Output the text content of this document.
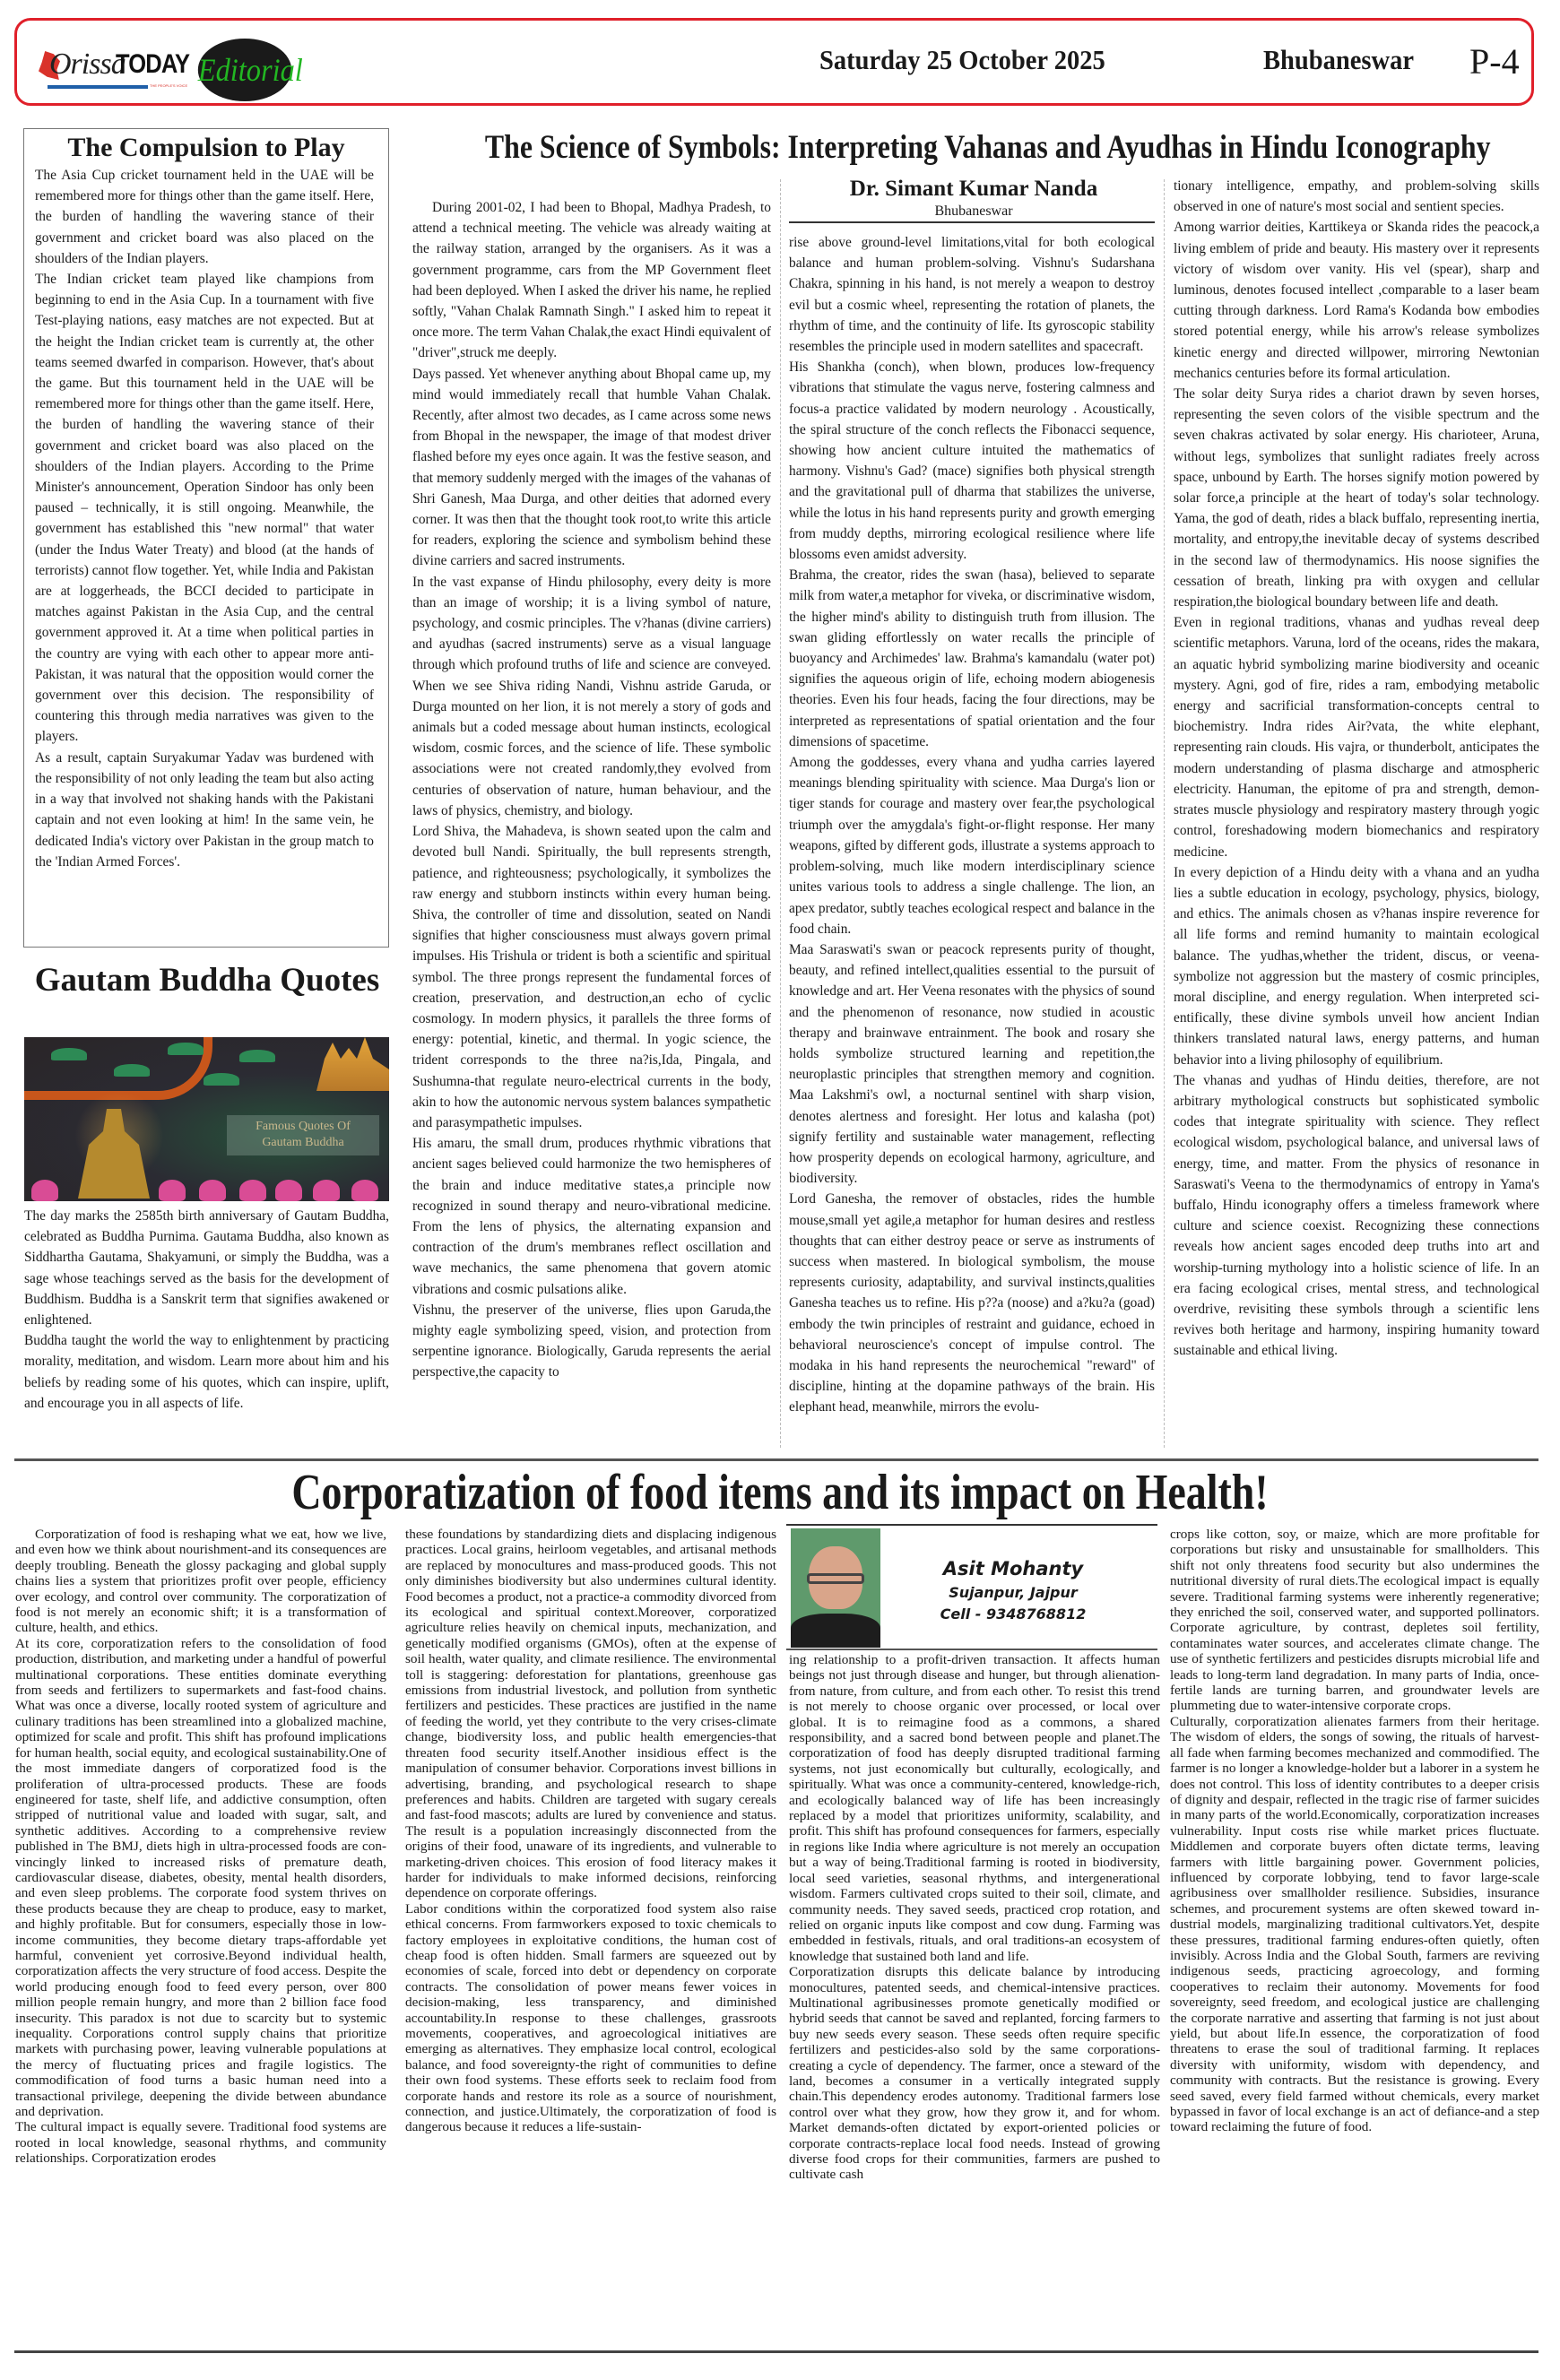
Orissa
TODAY
THE PEOPLE'S VOICE Editorial	Saturday 25 October 2025	Bhubaneswar P-4
The Compulsion to Play

The Asia Cup cricket tournament held in the UAE will be remembered more for things other than the game itself. Here, the burden of handling the wavering stance of their government and cricket board was also placed on the shoulders of the Indian players.

The Indian cricket team played like champions from beginning to end in the Asia Cup. In a tournament with five Test-playing nations, easy matches are not expected. But at the height the Indian cricket team is currently at, the other teams seemed dwarfed in comparison. However, that's about the game. But this tournament held in the UAE will be remembered more for things other than the game itself. Here, the burden of handling the wavering stance of their government and cricket board was also placed on the shoulders of the Indian players. According to the Prime Minister's announcement, Operation Sindoor has only been paused – technically, it is still ongoing. Meanwhile, the government has established this "new normal" that water (under the Indus Water Treaty) and blood (at the hands of terrorists) cannot flow together. Yet, while India and Pakistan are at loggerheads, the BCCI decided to participate in matches against Pakistan in the Asia Cup, and the central government approved it. At a time when political parties in the country are vying with each other to appear more anti-Pakistan, it was natural that the opposition would corner the government over this decision. The responsibility of countering this through media narratives was given to the players.

As a result, captain Suryakumar Yadav was burdened with the responsibility of not only leading the team but also acting in a way that involved not shaking hands with the Pakistani captain and not even looking at him! In the same vein, he dedicated India's victory over Pakistan in the group match to the 'Indian Armed Forces'.

Gautam Buddha Quotes
Famous Quotes Of
Gautam Buddha

The day marks the 2585th birth anniversary of Gautam Buddha, celebrated as Buddha Purnima. Gautama Buddha, also known as Siddhartha Gautama, Shakyamuni, or simply the Buddha, was a sage whose teachings served as the basis for the development of Buddhism. Buddha is a Sanskrit term that signifies awakened or enlightened.

Buddha taught the world the way to enlightenment by practicing morality, meditation, and wisdom. Learn more about him and his beliefs by reading some of his quotes, which can inspire, uplift, and encourage you in all aspects of life.

The Science of Symbols: Interpreting Vahanas and Ayudhas in Hindu Iconography

During 2001-02, I had been to Bhopal, Madhya Pradesh, to attend a technical meeting. The vehicle was already waiting at the railway station, arranged by the organisers. As it was a government programme, cars from the MP Government fleet had been deployed. When I asked the driver his name, he replied softly, "Vahan Chalak Ramnath Singh." I asked him to repeat it once more. The term Vahan Chalak,the exact Hindi equivalent of "driver",struck me deeply.

Days passed. Yet whenever anything about Bhopal came up, my mind would immediately recall that humble Vahan Chalak. Recently, after almost two decades, as I came across some news from Bhopal in the newspaper, the image of that modest driver flashed before my eyes once again. It was the festive season, and that memory suddenly merged with the images of the vahanas of Shri Ganesh, Maa Durga, and other deities that adorned every corner. It was then that the thought took root,to write this article for readers, exploring the science and symbolism behind these divine carriers and sacred instruments.

In the vast expanse of Hindu philosophy, every deity is more than an image of worship; it is a living symbol of nature, psychology, and cosmic principles. The v?hanas (divine carriers) and ayudhas (sacred instruments) serve as a visual language through which profound truths of life and science are conveyed. When we see Shiva riding Nandi, Vishnu astride Garuda, or Durga mounted on her lion, it is not merely a story of gods and animals but a coded message about human instincts, ecological wisdom, cosmic forces, and the science of life. These symbolic associations were not created randomly,they evolved from centuries of observation of nature, human behaviour, and the laws of physics, chemistry, and biology.

Lord Shiva, the Mahadeva, is shown seated upon the calm and devoted bull Nandi. Spiritually, the bull represents strength, patience, and righteousness; psychologically, it symbolizes the raw energy and stubborn instincts within every human being. Shiva, the controller of time and dissolution, seated on Nandi signifies that higher consciousness must always govern primal impulses. His Trishula or trident is both a scientific and spiritual symbol. The three prongs represent the fundamental forces of creation, preservation, and destruction,an echo of cyclic cosmology. In modern physics, it parallels the three forms of energy: potential, kinetic, and thermal. In yogic science, the trident corresponds to the three na?is,Ida, Pingala, and Sushumna-that regulate neuro-electrical currents in the body, akin to how the autonomic nervous system balances sympathetic and parasympathetic impulses.

His amaru, the small drum, produces rhythmic vibrations that ancient sages believed could harmonize the two hemispheres of the brain and induce meditative states,a principle now recognized in sound therapy and neuro-vibrational medicine. From the lens of physics, the alternating expansion and contraction of the drum's membranes reflect oscillation and wave mechanics, the same phenomena that govern atomic vibrations and cosmic pulsations alike.

Vishnu, the preserver of the universe, flies upon Garuda,the mighty eagle symbolizing speed, vision, and protection from serpentine ignorance. Biologically, Garuda represents the aerial perspective,the capacity to

Dr. Simant Kumar Nanda
Bhubaneswar

rise above ground-level limitations,vital for both ecological balance and human problem-solving. Vishnu's Sudarshana Chakra, spinning in his hand, is not merely a weapon to destroy evil but a cosmic wheel, representing the rotation of planets, the rhythm of time, and the continuity of life. Its gyroscopic stability resembles the principle used in modern satellites and spacecraft.

His Shankha (conch), when blown, produces low-frequency vibrations that stimulate the vagus nerve, fostering calmness and focus-a practice validated by modern neurology . Acoustically, the spiral structure of the conch reflects the Fibonacci sequence, showing how ancient culture intuited the mathematics of harmony. Vishnu's Gad? (mace) signifies both physical strength and the gravitational pull of dharma that stabilizes the universe, while the lotus in his hand represents purity and growth emerging from muddy depths, mirroring ecological resilience where life blossoms even amidst adversity.

Brahma, the creator, rides the swan (hasa), believed to separate milk from water,a metaphor for viveka, or discriminative wisdom, the higher mind's ability to distinguish truth from illusion. The swan gliding effortlessly on water recalls the principle of buoyancy and Archimedes' law. Brahma's kamandalu (water pot) signifies the aqueous origin of life, echoing modern abiogenesis theories. Even his four heads, facing the four directions, may be interpreted as representations of spatial orientation and the four dimensions of spacetime.

Among the goddesses, every vhana and yudha carries layered meanings blending spirituality with science. Maa Durga's lion or tiger stands for courage and mastery over fear,the psychological triumph over the amygdala's fight-or-flight response. Her many weapons, gifted by different gods, illustrate a systems approach to problem-solving, much like modern interdisciplinary science unites various tools to address a single challenge. The lion, an apex predator, subtly teaches ecological respect and balance in the food chain.

Maa Saraswati's swan or peacock represents purity of thought, beauty, and refined intellect,qualities essential to the pursuit of knowledge and art. Her Veena resonates with the physics of sound and the phenomenon of resonance, now studied in acoustic therapy and brainwave entrainment. The book and rosary she holds symbolize structured learning and repetition,the neuroplastic principles that strengthen memory and cognition. Maa Lakshmi's owl, a nocturnal sentinel with sharp vision, denotes alertness and foresight. Her lotus and kalasha (pot) signify fertility and sustainable water management, reflecting how prosperity depends on ecological harmony, agriculture, and biodiversity.

Lord Ganesha, the remover of obstacles, rides the humble mouse,small yet agile,a metaphor for human desires and restless thoughts that can either destroy peace or serve as instruments of success when mastered. In biological symbolism, the mouse represents curiosity, adaptability, and survival instincts,qualities Ganesha teaches us to refine. His p??a (noose) and a?ku?a (goad) embody the twin principles of restraint and guidance, echoed in behavioral neuroscience's concept of impulse control. The modaka in his hand represents the neurochemical "reward" of discipline, hinting at the dopamine pathways of the brain. His elephant head, meanwhile, mirrors the evolu-

tionary intelligence, empathy, and problem-solving skills observed in one of nature's most social and sentient species.

Among warrior deities, Karttikeya or Skanda rides the peacock,a living emblem of pride and beauty. His mastery over it represents victory of wisdom over vanity. His vel (spear), sharp and luminous, denotes focused intellect ,comparable to a laser beam cutting through darkness. Lord Rama's Kodanda bow embodies stored potential energy, while his arrow's release symbolizes kinetic energy and directed willpower, mirroring Newtonian mechanics centuries before its formal articulation.

The solar deity Surya rides a chariot drawn by seven horses, representing the seven colors of the visible spectrum and the seven chakras activated by solar energy. His charioteer, Aruna, without legs, symbolizes that sunlight radiates freely across space, unbound by Earth. The horses signify motion powered by solar force,a principle at the heart of today's solar technology. Yama, the god of death, rides a black buffalo, representing inertia, mortality, and entropy,the inevitable decay of systems described in the second law of thermodynamics. His noose signifies the cessation of breath, linking pra with oxygen and cellular respiration,the biological boundary between life and death.

Even in regional traditions, vhanas and yudhas reveal deep scientific metaphors. Varuna, lord of the oceans, rides the makara, an aquatic hybrid symbolizing marine biodiversity and oceanic mystery. Agni, god of fire, rides a ram, embodying metabolic energy and sacrificial transformation-concepts central to biochemistry. Indra rides Air?vata, the white elephant, representing rain clouds. His vajra, or thunderbolt, anticipates the modern understanding of plasma discharge and atmospheric electricity. Hanuman, the epitome of pra and strength, demonstrates muscle physiology and respiratory mastery through yogic control, foreshadowing modern biomechanics and respiratory medicine.

In every depiction of a Hindu deity with a vhana and an yudha lies a subtle education in ecology, psychology, physics, biology, and ethics. The animals chosen as v?hanas inspire reverence for all life forms and remind humanity to maintain ecological balance. The yudhas,whether the trident, discus, or veena-symbolize not aggression but the mastery of cosmic principles, moral discipline, and energy regulation. When interpreted scientifically, these divine symbols unveil how ancient Indian thinkers translated natural laws, energy patterns, and human behavior into a living philosophy of equilibrium.

The vhanas and yudhas of Hindu deities, therefore, are not arbitrary mythological constructs but sophisticated symbolic codes that integrate spirituality with science. They reflect ecological wisdom, psychological balance, and universal laws of energy, time, and matter. From the physics of resonance in Saraswati's Veena to the thermodynamics of entropy in Yama's buffalo, Hindu iconography offers a timeless framework where culture and science coexist. Recognizing these connections reveals how ancient sages encoded deep truths into art and worship-turning mythology into a holistic science of life. In an era facing ecological crises, mental stress, and technological overdrive, revisiting these symbols through a scientific lens revives both heritage and harmony, inspiring humanity toward sustainable and ethical living.

Corporatization of food items and its impact on Health!

Corporatization of food is reshaping what we eat, how we live, and even how we think about nourishment-and its consequences are deeply troubling. Beneath the glossy packaging and global supply chains lies a system that prioritizes profit over people, efficiency over ecology, and control over community. The corporatization of food is not merely an economic shift; it is a transformation of culture, health, and ethics.

At its core, corporatization refers to the consolidation of food production, distribution, and marketing under a handful of powerful multinational corporations. These entities dominate everything from seeds and fertilizers to supermarkets and fast-food chains. What was once a diverse, locally rooted system of agriculture and culinary traditions has been streamlined into a globalized machine, optimized for scale and profit. This shift has profound implications for human health, social equity, and ecological sustainability.One of the most immediate dangers of corporatized food is the proliferation of ultra-processed products. These are foods engineered for taste, shelf life, and addictive consumption, often stripped of nutritional value and loaded with sugar, salt, and synthetic additives. According to a comprehensive review published in The BMJ, diets high in ultra-processed foods are convincingly linked to increased risks of premature death, cardiovascular disease, diabetes, obesity, mental health disorders, and even sleep problems. The corporate food system thrives on these products because they are cheap to produce, easy to market, and highly profitable. But for consumers, especially those in low-income communities, they become dietary traps-affordable yet harmful, convenient yet corrosive.Beyond individual health, corporatization affects the very structure of food access. Despite the world producing enough food to feed every person, over 800 million people remain hungry, and more than 2 billion face food insecurity. This paradox is not due to scarcity but to systemic inequality. Corporations control supply chains that prioritize markets with purchasing power, leaving vulnerable populations at the mercy of fluctuating prices and fragile logistics. The commodification of food turns a basic human need into a transactional privilege, deepening the divide between abundance and deprivation.

The cultural impact is equally severe. Traditional food systems are rooted in local knowledge, seasonal rhythms, and community relationships. Corporatization erodes

these foundations by standardizing diets and displacing indigenous practices. Local grains, heirloom vegetables, and artisanal methods are replaced by monocultures and mass-produced goods. This not only diminishes biodiversity but also undermines cultural identity. Food becomes a product, not a practice-a commodity divorced from its ecological and spiritual context.Moreover, corporatized agriculture relies heavily on chemical inputs, mechanization, and genetically modified organisms (GMOs), often at the expense of soil health, water quality, and climate resilience. The environmental toll is staggering: deforestation for plantations, greenhouse gas emissions from industrial livestock, and pollution from synthetic fertilizers and pesticides. These practices are justified in the name of feeding the world, yet they contribute to the very crises-climate change, biodiversity loss, and public health emergencies-that threaten food security itself.Another insidious effect is the manipulation of consumer behavior. Corporations invest billions in advertising, branding, and psychological research to shape preferences and habits. Children are targeted with sugary cereals and fast-food mascots; adults are lured by convenience and status. The result is a population increasingly disconnected from the origins of their food, unaware of its ingredients, and vulnerable to marketing-driven choices. This erosion of food literacy makes it harder for individuals to make informed decisions, reinforcing dependence on corporate offerings.

Labor conditions within the corporatized food system also raise ethical concerns. From farmworkers exposed to toxic chemicals to factory employees in exploitative conditions, the human cost of cheap food is often hidden. Small farmers are squeezed out by economies of scale, forced into debt or dependency on corporate contracts. The consolidation of power means fewer voices in decision-making, less transparency, and diminished accountability.In response to these challenges, grassroots movements, cooperatives, and agroecological initiatives are emerging as alternatives. They emphasize local control, ecological balance, and food sovereignty-the right of communities to define their own food systems. These efforts seek to reclaim food from corporate hands and restore its role as a source of nourishment, connection, and justice.Ultimately, the corporatization of food is dangerous because it reduces a life-sustain-

Asit Mohanty
Sujanpur, Jajpur
Cell - 9348768812

ing relationship to a profit-driven transaction. It affects human beings not just through disease and hunger, but through alienation-from nature, from culture, and from each other. To resist this trend is not merely to choose organic over processed, or local over global. It is to reimagine food as a commons, a shared responsibility, and a sacred bond between people and planet.The corporatization of food has deeply disrupted traditional farming systems, not just economically but culturally, ecologically, and spiritually. What was once a community-centered, knowledge-rich, and ecologically balanced way of life has been increasingly replaced by a model that prioritizes uniformity, scalability, and profit. This shift has profound consequences for farmers, especially in regions like India where agriculture is not merely an occupation but a way of being.Traditional farming is rooted in biodiversity, local seed varieties, seasonal rhythms, and intergenerational wisdom. Farmers cultivated crops suited to their soil, climate, and community needs. They saved seeds, practiced crop rotation, and relied on organic inputs like compost and cow dung. Farming was embedded in festivals, rituals, and oral traditions-an ecosystem of knowledge that sustained both land and life.

Corporatization disrupts this delicate balance by introducing monocultures, patented seeds, and chemical-intensive practices. Multinational agribusinesses promote genetically modified or hybrid seeds that cannot be saved and replanted, forcing farmers to buy new seeds every season. These seeds often require specific fertilizers and pesticides-also sold by the same corporations-creating a cycle of dependency. The farmer, once a steward of the land, becomes a consumer in a vertically integrated supply chain.This dependency erodes autonomy. Traditional farmers lose control over what they grow, how they grow it, and for whom. Market demands-often dictated by export-oriented policies or corporate contracts-replace local food needs. Instead of growing diverse food crops for their communities, farmers are pushed to cultivate cash

crops like cotton, soy, or maize, which are more profitable for corporations but risky and unsustainable for smallholders. This shift not only threatens food security but also undermines the nutritional diversity of rural diets.The ecological impact is equally severe. Traditional farming systems were inherently regenerative; they enriched the soil, conserved water, and supported pollinators. Corporate agriculture, by contrast, depletes soil fertility, contaminates water sources, and accelerates climate change. The use of synthetic fertilizers and pesticides disrupts microbial life and leads to long-term land degradation. In many parts of India, once-fertile lands are turning barren, and groundwater levels are plummeting due to water-intensive corporate crops.

Culturally, corporatization alienates farmers from their heritage. The wisdom of elders, the songs of sowing, the rituals of harvest-all fade when farming becomes mechanized and commodified. The farmer is no longer a knowledge-holder but a laborer in a system he does not control. This loss of identity contributes to a deeper crisis of dignity and despair, reflected in the tragic rise of farmer suicides in many parts of the world.Economically, corporatization increases vulnerability. Input costs rise while market prices fluctuate. Middlemen and corporate buyers often dictate terms, leaving farmers with little bargaining power. Government policies, influenced by corporate lobbying, tend to favor large-scale agribusiness over smallholder resilience. Subsidies, insurance schemes, and procurement systems are often skewed toward industrial models, marginalizing traditional cultivators.Yet, despite these pressures, traditional farming endures-often quietly, often invisibly. Across India and the Global South, farmers are reviving indigenous seeds, practicing agroecology, and forming cooperatives to reclaim their autonomy. Movements for food sovereignty, seed freedom, and ecological justice are challenging the corporate narrative and asserting that farming is not just about yield, but about life.In essence, the corporatization of food threatens to erase the soul of traditional farming. It replaces diversity with uniformity, wisdom with dependency, and community with contracts. But the resistance is growing. Every seed saved, every field farmed without chemicals, every market bypassed in favor of local exchange is an act of defiance-and a step toward reclaiming the future of food.
